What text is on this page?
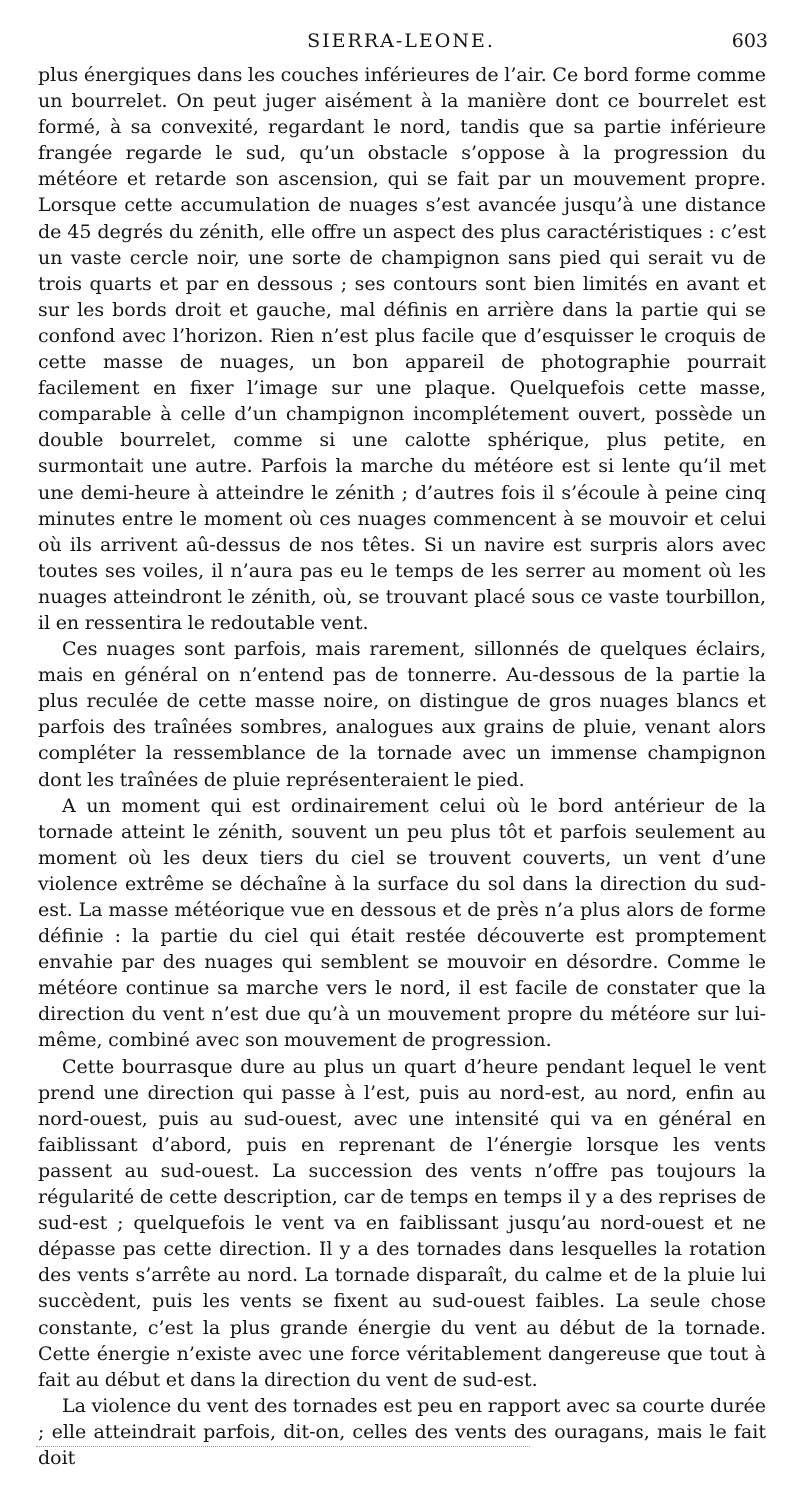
SIERRA-LEONE.	603

plus énergiques dans les couches inférieures de l’air. Ce bord forme comme un bourrelet. On peut juger aisément à la manière dont ce bourrelet est formé, à sa convexité, regardant le nord, tandis que sa partie inférieure frangée regarde le sud, qu’un obstacle s’oppose à la progression du météore et retarde son ascension, qui se fait par un mouvement propre. Lorsque cette accumulation de nuages s’est avancée jusqu’à une distance de 45 degrés du zénith, elle offre un aspect des plus caractéristiques : c’est un vaste cercle noir, une sorte de champignon sans pied qui serait vu de trois quarts et par en dessous ; ses contours sont bien limités en avant et sur les bords droit et gauche, mal définis en arrière dans la partie qui se confond avec l’horizon. Rien n’est plus facile que d’esquisser le croquis de cette masse de nuages, un bon appareil de photographie pourrait facilement en fixer l’image sur une plaque. Quelquefois cette masse, comparable à celle d’un champignon incomplétement ouvert, possède un double bourrelet, comme si une calotte sphérique, plus petite, en surmontait une autre. Parfois la marche du météore est si lente qu’il met une demi-heure à atteindre le zénith ; d’autres fois il s’écoule à peine cinq minutes entre le moment où ces nuages commencent à se mouvoir et celui où ils arrivent aû-dessus de nos têtes. Si un navire est surpris alors avec toutes ses voiles, il n’aura pas eu le temps de les serrer au moment où les nuages atteindront le zénith, où, se trouvant placé sous ce vaste tourbillon, il en ressentira le redoutable vent.

Ces nuages sont parfois, mais rarement, sillonnés de quelques éclairs, mais en général on n’entend pas de tonnerre. Au-dessous de la partie la plus reculée de cette masse noire, on distingue de gros nuages blancs et parfois des traînées sombres, analogues aux grains de pluie, venant alors compléter la ressemblance de la tornade avec un immense champignon dont les traînées de pluie représenteraient le pied.

A un moment qui est ordinairement celui où le bord antérieur de la tornade atteint le zénith, souvent un peu plus tôt et parfois seulement au moment où les deux tiers du ciel se trouvent couverts, un vent d’une violence extrême se déchaîne à la surface du sol dans la direction du sud-est. La masse météorique vue en dessous et de près n’a plus alors de forme définie : la partie du ciel qui était restée découverte est promptement envahie par des nuages qui semblent se mouvoir en désordre. Comme le météore continue sa marche vers le nord, il est facile de constater que la direction du vent n’est due qu’à un mouvement propre du météore sur lui-même, combiné avec son mouvement de progression.

Cette bourrasque dure au plus un quart d’heure pendant lequel le vent prend une direction qui passe à l’est, puis au nord-est, au nord, enfin au nord-ouest, puis au sud-ouest, avec une intensité qui va en général en faiblissant d’abord, puis en reprenant de l’énergie lorsque les vents passent au sud-ouest. La succession des vents n’offre pas toujours la régularité de cette description, car de temps en temps il y a des reprises de sud-est ; quelquefois le vent va en faiblissant jusqu’au nord-ouest et ne dépasse pas cette direction. Il y a des tornades dans lesquelles la rotation des vents s’arrête au nord. La tornade disparaît, du calme et de la pluie lui succèdent, puis les vents se fixent au sud-ouest faibles. La seule chose constante, c’est la plus grande énergie du vent au début de la tornade. Cette énergie n’existe avec une force véritablement dangereuse que tout à fait au début et dans la direction du vent de sud-est.

La violence du vent des tornades est peu en rapport avec sa courte durée ; elle atteindrait parfois, dit-on, celles des vents des ouragans, mais le fait doit
